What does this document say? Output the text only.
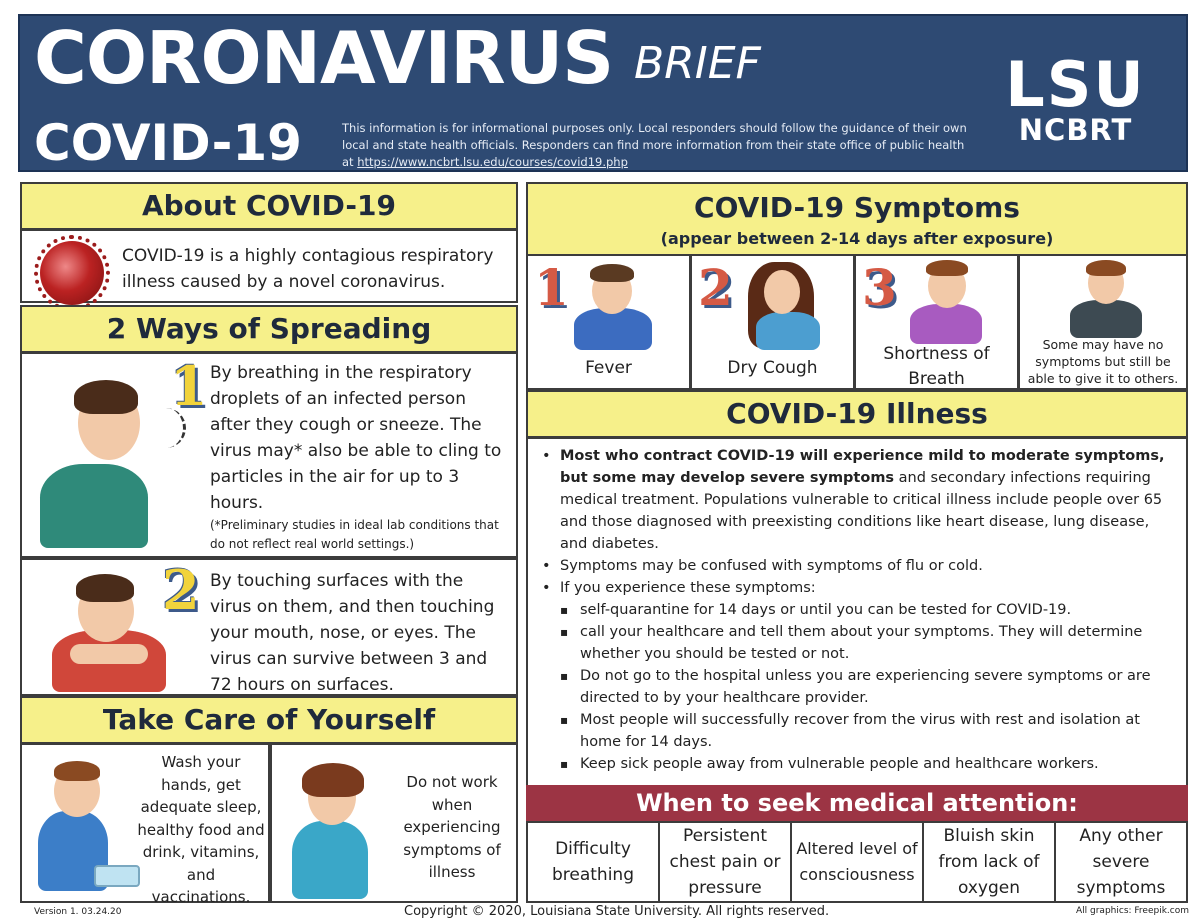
CORONAVIRUS BRIEF
COVID-19	This information is for informational purposes only. Local responders should follow the guidance of their own
local and state health officials. Responders can find more information from their state office of public health
at https://www.ncbrt.lsu.edu/courses/covid19.php
LSU
NCBRT
About COVID-19
COVID-19 is a highly contagious respiratory illness caused by a novel coronavirus.
2 Ways of Spreading
1 By breathing in the respiratory droplets of an infected person after they cough or sneeze. The virus may* also be able to cling to particles in the air for up to 3 hours.
(*Preliminary studies in ideal lab conditions that do not reflect real world settings.)
2 By touching surfaces with the virus on them, and then touching your mouth, nose, or eyes. The virus can survive between 3 and 72 hours on surfaces.
Take Care of Yourself
Wash your hands, get adequate sleep, healthy food and drink, vitamins, and vaccinations.
Do not work when experiencing symptoms of illness
COVID-19 Symptoms
(appear between 2-14 days after exposure)
1
Fever
2
Dry Cough
3
Shortness of Breath
Some may have no symptoms but still be able to give it to others.
COVID-19 Illness
• Most who contract COVID-19 will experience mild to moderate symptoms, but some may develop severe symptoms and secondary infections requiring medical treatment. Populations vulnerable to critical illness include people over 65 and those diagnosed with preexisting conditions like heart disease, lung disease, and diabetes.
• Symptoms may be confused with symptoms of flu or cold.
• If you experience these symptoms:
▪ self-quarantine for 14 days or until you can be tested for COVID-19.
▪ call your healthcare and tell them about your symptoms. They will determine whether you should be tested or not.
▪ Do not go to the hospital unless you are experiencing severe symptoms or are directed to by your healthcare provider.
▪ Most people will successfully recover from the virus with rest and isolation at home for 14 days.
▪ Keep sick people away from vulnerable people and healthcare workers.
When to seek medical attention:
Difficulty breathing
Persistent chest pain or pressure
Altered level of consciousness
Bluish skin from lack of oxygen
Any other severe symptoms
Version 1. 03.24.20	Copyright © 2020, Louisiana State University. All rights reserved.	All graphics: Freepik.com
